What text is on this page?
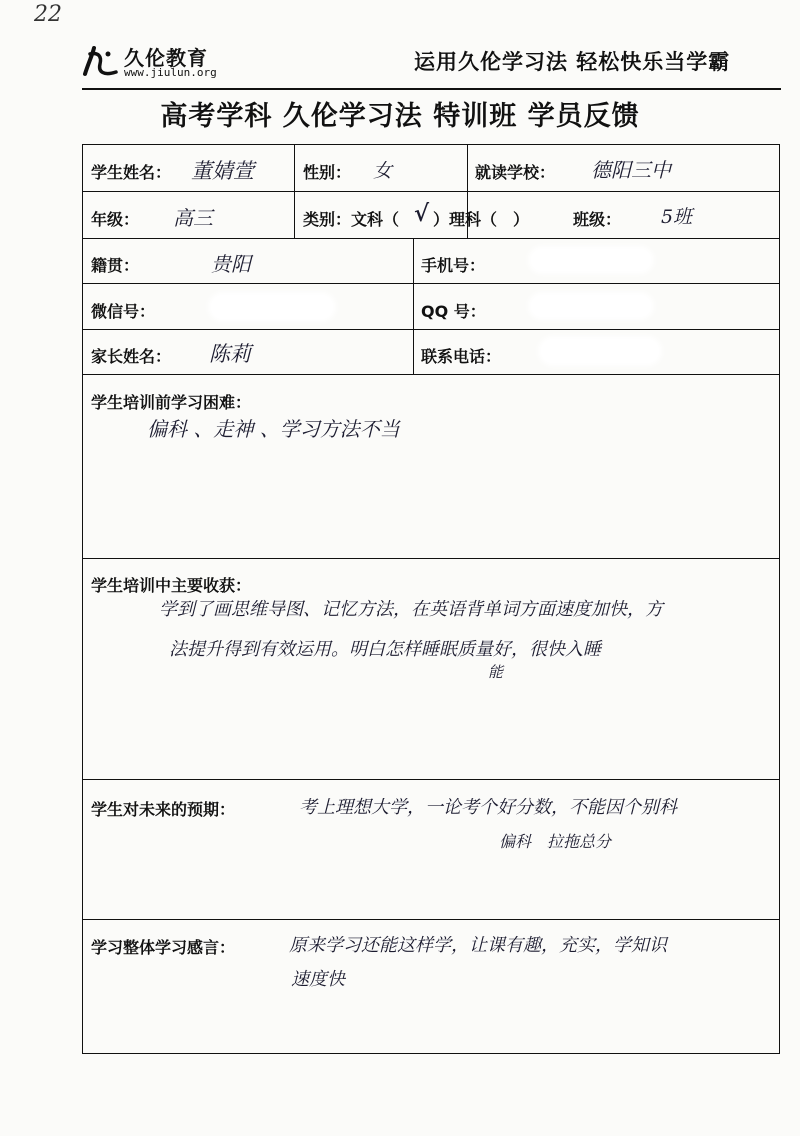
22
久伦教育
www.jiulun.org	运用久伦学习法 轻松快乐当学霸
高考学科 久伦学习法 特训班 学员反馈
学生姓名： 董婧萱	性别： 女	就读学校： 德阳三中
年级： 高三	类别：文科（ √ ）理科（　）	班级： 5班
籍贯：	贵阳	手机号：
微信号：	QQ 号：
家长姓名： 陈莉	联系电话：
学生培训前学习困难：
偏科 、走神 、学习方法不当
学生培训中主要收获：
学到了画思维导图、记忆方法，在英语背单词方面速度加快，方
法提升得到有效运用。明白怎样睡眠质量好，很快入睡
能
学生对未来的预期：	考上理想大学，一论考个好分数，不能因个别科
偏科　拉拖总分
学习整体学习感言：	原来学习还能这样学，让课有趣，充实，学知识
速度快
